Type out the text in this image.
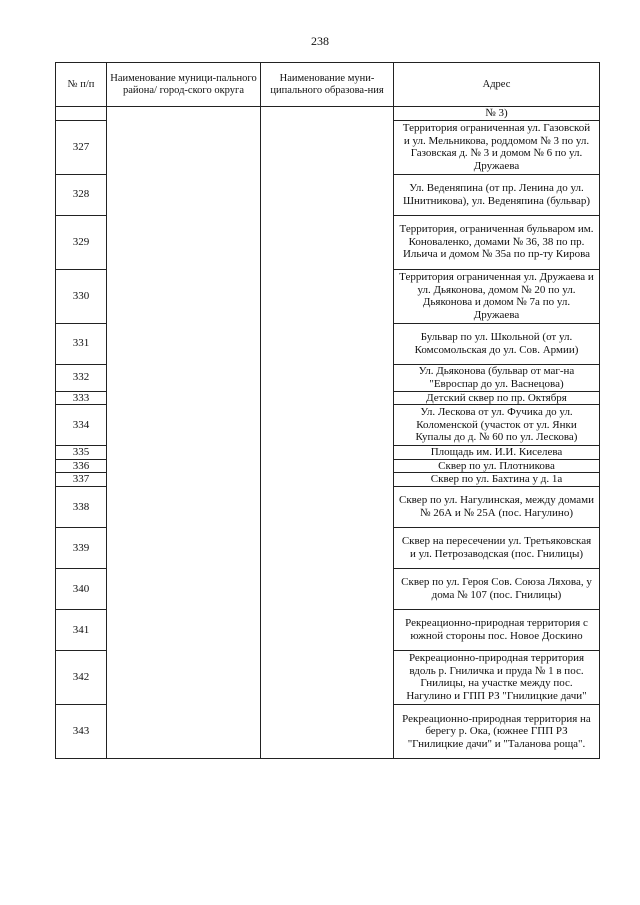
238
№ п/п	Наименование муници-пального района/ город-ского округа	Наименование муни-ципального образова-ния	Адрес
			№ 3)
327			Территория ограниченная ул. Газовской и ул. Мельникова, роддомом № 3 по ул. Газовская д. № 3 и домом № 6 по ул. Дружаева
328			Ул. Веденяпина (от пр. Ленина до ул. Шнитникова), ул. Веденяпина (бульвар)
329			Территория, ограниченная бульваром им. Коноваленко, домами № 36, 38 по пр. Ильича и домом № 35а по пр-ту Кирова
330			Территория ограниченная ул. Дружаева и ул. Дьяконова, домом № 20 по ул. Дьяконова и домом № 7а по ул. Дружаева
331			Бульвар по ул. Школьной (от ул. Комсомольская до ул. Сов. Армии)
332			Ул. Дьяконова (бульвар от маг-на "Евроспар до ул. Васнецова)
333			Детский сквер по пр. Октября
334			Ул. Лескова от ул. Фучика до ул. Коломенской (участок от ул. Янки Купалы до д. № 60 по ул. Лескова)
335			Площадь им. И.И. Киселева
336			Сквер по ул. Плотникова
337			Сквер по ул. Бахтина у д. 1а
338			Сквер по ул. Нагулинская, между домами № 26А и № 25А (пос. Нагулино)
339			Сквер на пересечении ул. Третьяковская и ул. Петрозаводская (пос. Гнилицы)
340			Сквер по ул. Героя Сов. Союза Ляхова, у дома № 107 (пос. Гнилицы)
341			Рекреационно-природная территория с южной стороны пос. Новое Доскино
342			Рекреационно-природная территория вдоль р. Гниличка и пруда № 1 в пос. Гнилицы, на участке между пос. Нагулино и ГПП РЗ "Гнилицкие дачи"
343			Рекреационно-природная территория на берегу р. Ока, (южнее ГПП РЗ "Гнилицкие дачи" и "Таланова роща".
